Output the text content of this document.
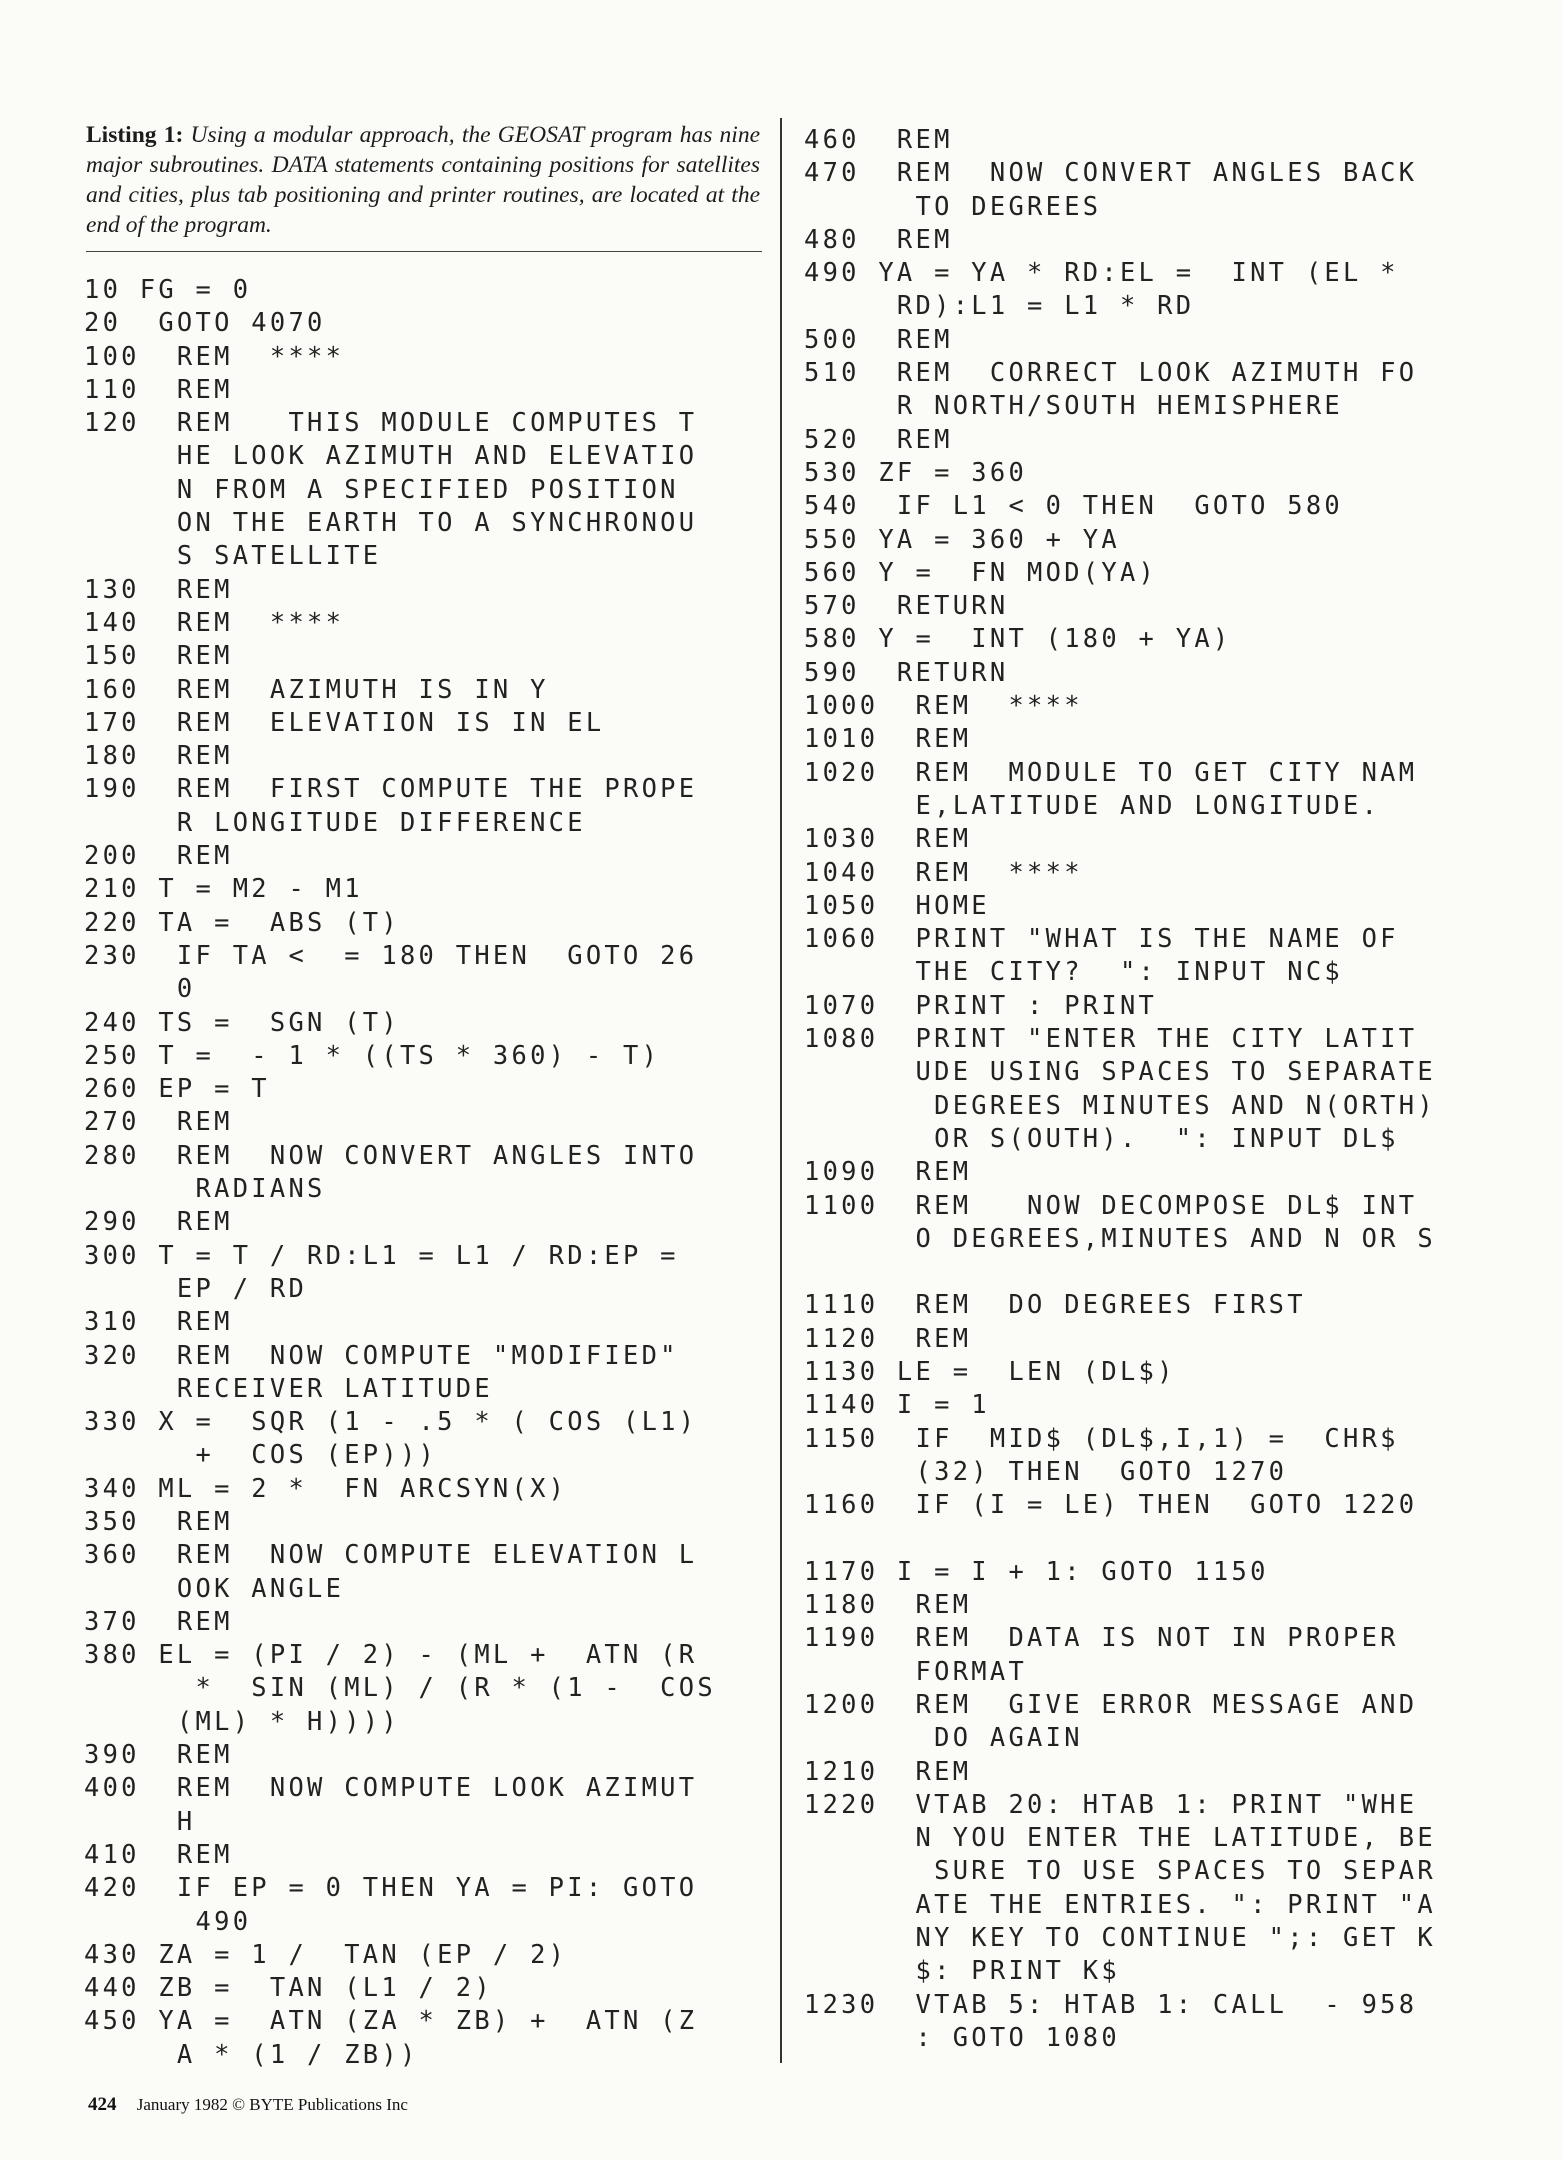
Listing 1: Using a modular approach, the GEOSAT program has nine major subroutines. DATA statements containing positions for satellites and cities, plus tab positioning and printer routines, are located at the end of the program.
10 FG = 0
20  GOTO 4070
100  REM  ****
110  REM
120  REM   THIS MODULE COMPUTES T
HE LOOK AZIMUTH AND ELEVATIO
N FROM A SPECIFIED POSITION
ON THE EARTH TO A SYNCHRONOU
S SATELLITE
130  REM
140  REM  ****
150  REM
160  REM  AZIMUTH IS IN Y
170  REM  ELEVATION IS IN EL
180  REM
190  REM  FIRST COMPUTE THE PROPE
R LONGITUDE DIFFERENCE
200  REM
210 T = M2 - M1
220 TA =  ABS (T)
230  IF TA <  = 180 THEN  GOTO 26
0
240 TS =  SGN (T)
250 T =  - 1 * ((TS * 360) - T)
260 EP = T
270  REM
280  REM  NOW CONVERT ANGLES INTO
RADIANS
290  REM
300 T = T / RD:L1 = L1 / RD:EP =
EP / RD
310  REM
320  REM  NOW COMPUTE "MODIFIED"
RECEIVER LATITUDE
330 X =  SQR (1 - .5 * ( COS (L1)
+  COS (EP)))
340 ML = 2 *  FN ARCSYN(X)
350  REM
360  REM  NOW COMPUTE ELEVATION L
OOK ANGLE
370  REM
380 EL = (PI / 2) - (ML +  ATN (R
*  SIN (ML) / (R * (1 -  COS
(ML) * H))))
390  REM
400  REM  NOW COMPUTE LOOK AZIMUT
H
410  REM
420  IF EP = 0 THEN YA = PI: GOTO
490
430 ZA = 1 /  TAN (EP / 2)
440 ZB =  TAN (L1 / 2)
450 YA =  ATN (ZA * ZB) +  ATN (Z
A * (1 / ZB))
460  REM
470  REM  NOW CONVERT ANGLES BACK
TO DEGREES
480  REM
490 YA = YA * RD:EL =  INT (EL *
RD):L1 = L1 * RD
500  REM
510  REM  CORRECT LOOK AZIMUTH FO
R NORTH/SOUTH HEMISPHERE
520  REM
530 ZF = 360
540  IF L1 < 0 THEN  GOTO 580
550 YA = 360 + YA
560 Y =  FN MOD(YA)
570  RETURN
580 Y =  INT (180 + YA)
590  RETURN
1000  REM  ****
1010  REM
1020  REM  MODULE TO GET CITY NAM
E,LATITUDE AND LONGITUDE.
1030  REM
1040  REM  ****
1050  HOME
1060  PRINT "WHAT IS THE NAME OF
THE CITY?  ": INPUT NC$
1070  PRINT : PRINT
1080  PRINT "ENTER THE CITY LATIT
UDE USING SPACES TO SEPARATE
DEGREES MINUTES AND N(ORTH)
OR S(OUTH).  ": INPUT DL$
1090  REM
1100  REM   NOW DECOMPOSE DL$ INT
O DEGREES,MINUTES AND N OR S
1110  REM  DO DEGREES FIRST
1120  REM
1130 LE =  LEN (DL$)
1140 I = 1
1150  IF  MID$ (DL$,I,1) =  CHR$
(32) THEN  GOTO 1270
1160  IF (I = LE) THEN  GOTO 1220
1170 I = I + 1: GOTO 1150
1180  REM
1190  REM  DATA IS NOT IN PROPER
FORMAT
1200  REM  GIVE ERROR MESSAGE AND
DO AGAIN
1210  REM
1220  VTAB 20: HTAB 1: PRINT "WHE
N YOU ENTER THE LATITUDE, BE
SURE TO USE SPACES TO SEPAR
ATE THE ENTRIES. ": PRINT "A
NY KEY TO CONTINUE ";: GET K
$: PRINT K$
1230  VTAB 5: HTAB 1: CALL  - 958
: GOTO 1080
424 January 1982 © BYTE Publications Inc
